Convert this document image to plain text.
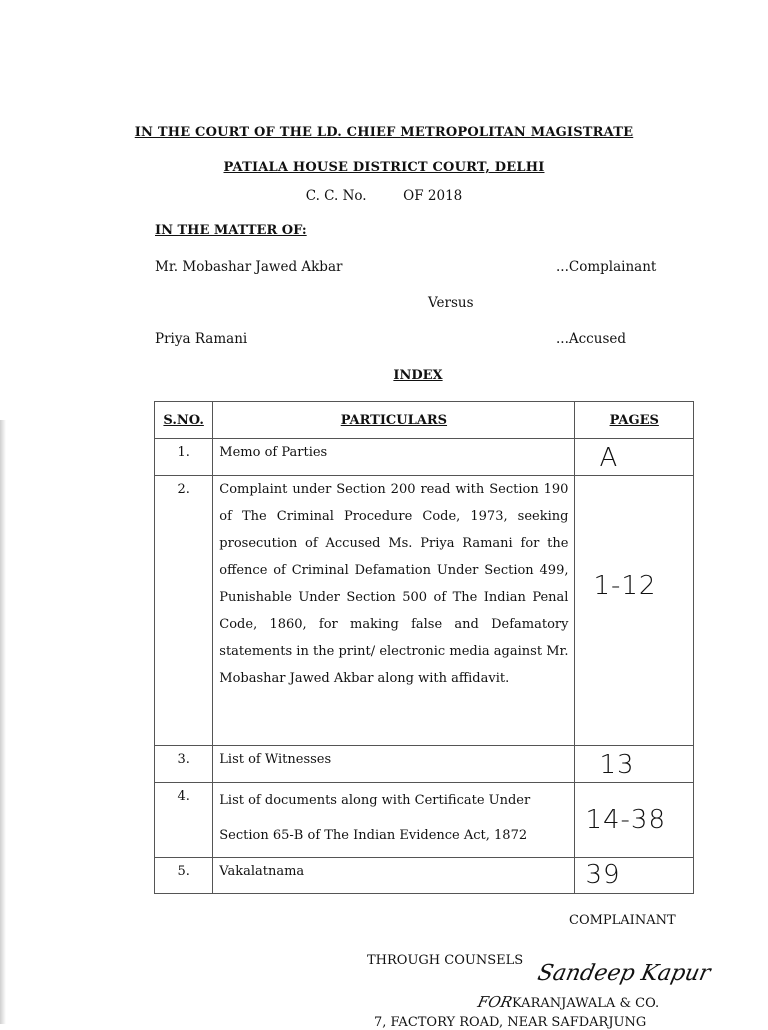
IN THE COURT OF THE LD. CHIEF METROPOLITAN MAGISTRATE
PATIALA HOUSE DISTRICT COURT, DELHI
C. C. No.	OF 2018
IN THE MATTER OF:
Mr. Mobashar Jawed Akbar	...Complainant
Versus
Priya Ramani	...Accused
INDEX
S.NO.	PARTICULARS	PAGES
1.	Memo of Parties	A

2.	Complaint under Section 200 read with Section 190 of The Criminal Procedure Code, 1973, seeking prosecution of Accused Ms. Priya Ramani for the offence of Criminal Defamation Under Section 499, Punishable Under Section 500 of The Indian Penal Code, 1860, for making false and Defamatory statements in the print/ electronic media against Mr. Mobashar Jawed Akbar along with affidavit.	1-12

3.	List of Witnesses	13

4.	List of documents along with Certificate Under Section 65-B of The Indian Evidence Act, 1872	14-38

5.	Vakalatnama	39
COMPLAINANT
THROUGH COUNSELS
Sandeep Kapur
FORKARANJAWALA & CO.
7, FACTORY ROAD, NEAR SAFDARJUNG
